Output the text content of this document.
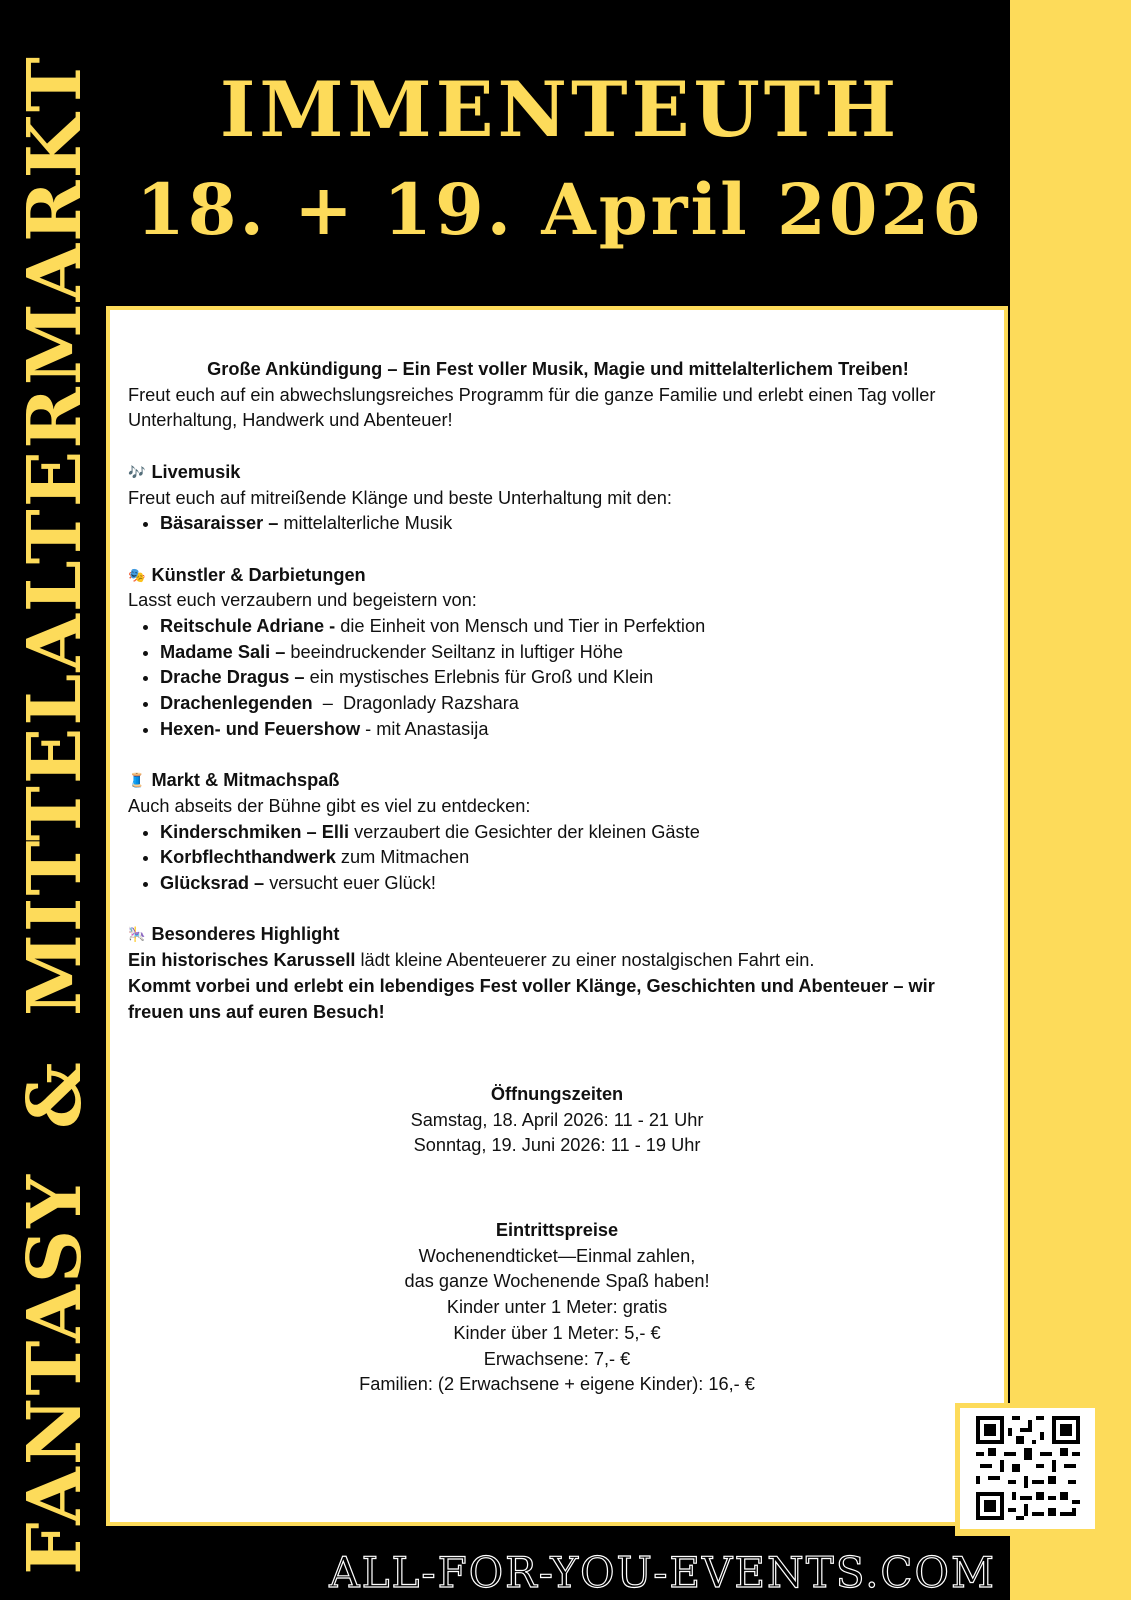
FANTASY&MITTELALTERMARKT	IMMENTEUTH
18. + 19. April 2026
Große Ankündigung – Ein Fest voller Musik, Magie und mittelalterlichem Treiben!
Freut euch auf ein abwechslungsreiches Programm für die ganze Familie und erlebt einen Tag voller Unterhaltung, Handwerk und Abenteuer!
🎶 Livemusik
Freut euch auf mitreißende Klänge und beste Unterhaltung mit den:
• Bäsaraisser – mittelalterliche Musik
🎭 Künstler & Darbietungen
Lasst euch verzaubern und begeistern von:
• Reitschule Adriane - die Einheit von Mensch und Tier in Perfektion
• Madame Sali – beeindruckender Seiltanz in luftiger Höhe
• Drache Dragus – ein mystisches Erlebnis für Groß und Klein
• Drachenlegenden  –  Dragonlady Razshara
• Hexen- und Feuershow - mit Anastasija
🧵 Markt & Mitmachspaß
Auch abseits der Bühne gibt es viel zu entdecken:
• Kinderschmiken – Elli verzaubert die Gesichter der kleinen Gäste
• Korbflechthandwerk zum Mitmachen
• Glücksrad – versucht euer Glück!
🎠 Besonderes Highlight
Ein historisches Karussell lädt kleine Abenteuerer zu einer nostalgischen Fahrt ein.
Kommt vorbei und erlebt ein lebendiges Fest voller Klänge, Geschichten und Abenteuer – wir freuen uns auf euren Besuch!
Öffnungszeiten
Samstag, 18. April 2026: 11 - 21 Uhr
Sonntag, 19. Juni 2026: 11 - 19 Uhr
Eintrittspreise
Wochenendticket—Einmal zahlen,
das ganze Wochenende Spaß haben!
Kinder unter 1 Meter: gratis
Kinder über 1 Meter: 5,- €
Erwachsene: 7,- €
Familien: (2 Erwachsene + eigene Kinder): 16,- €
ALL-FOR-YOU-EVENTS.COM
